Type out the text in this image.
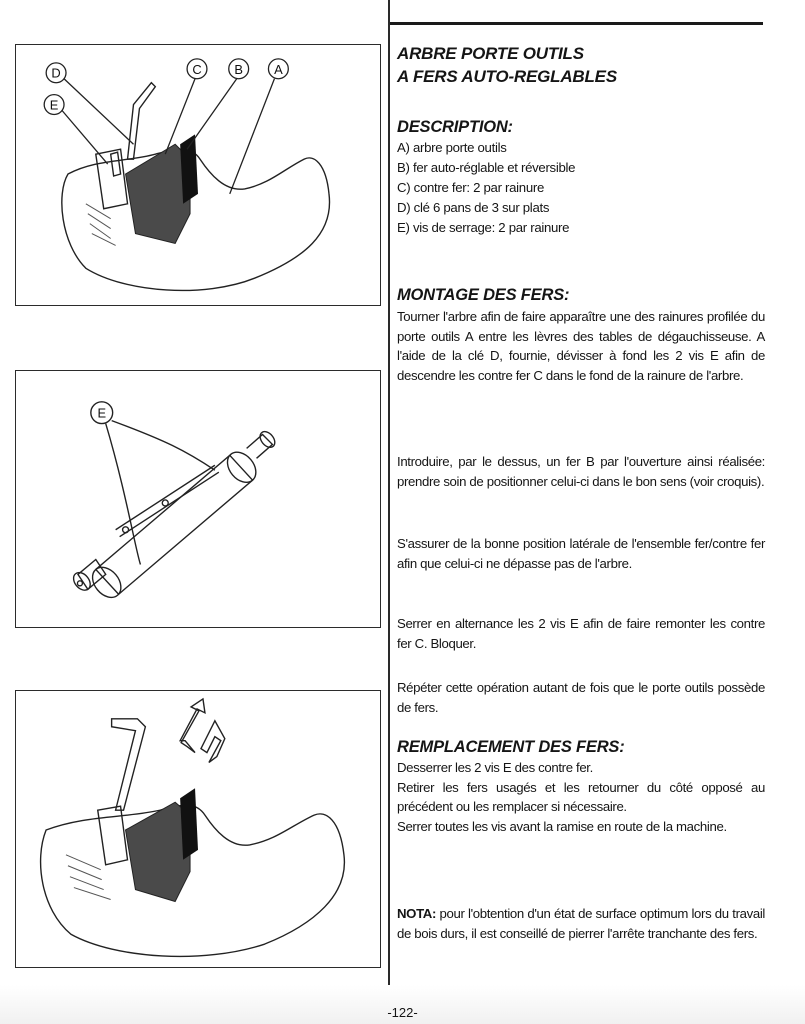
D
E
C	B A
E

ARBRE PORTE OUTILS

A FERS AUTO-REGLABLES

DESCRIPTION:

A) arbre porte outils

B) fer auto-réglable et réversible

C) contre fer: 2 par rainure

D) clé 6 pans de 3 sur plats

E) vis de serrage: 2 par rainure

MONTAGE DES FERS:

Tourner l'arbre afin de faire apparaître une des rainures profilée du porte outils A entre les lèvres des tables de dégauchisseuse. A l'aide de la clé D, fournie, dévisser à fond les 2 vis E afin de descendre les contre fer C dans le fond de la rainure de l'arbre.

Introduire, par le dessus, un fer B par l'ouverture ainsi réalisée: prendre soin de positionner celui-ci dans le bon sens (voir croquis).

S'assurer de la bonne position latérale de l'ensemble fer/contre fer afin que celui-ci ne dépasse pas de l'arbre.

Serrer en alternance les 2 vis E afin de faire remonter les contre fer C. Bloquer.

Répéter cette opération autant de fois que le porte outils possède de fers.

REMPLACEMENT DES FERS:

Desserrer les 2 vis E des contre fer.

Retirer les fers usagés et les retourner du côté opposé au précédent ou les remplacer si nécessaire.

Serrer toutes les vis avant la ramise en route de la machine.

NOTA: pour l'obtention d'un état de surface optimum lors du travail de bois durs, il est conseillé de pierrer l'arrête tranchante des fers.

-122-
